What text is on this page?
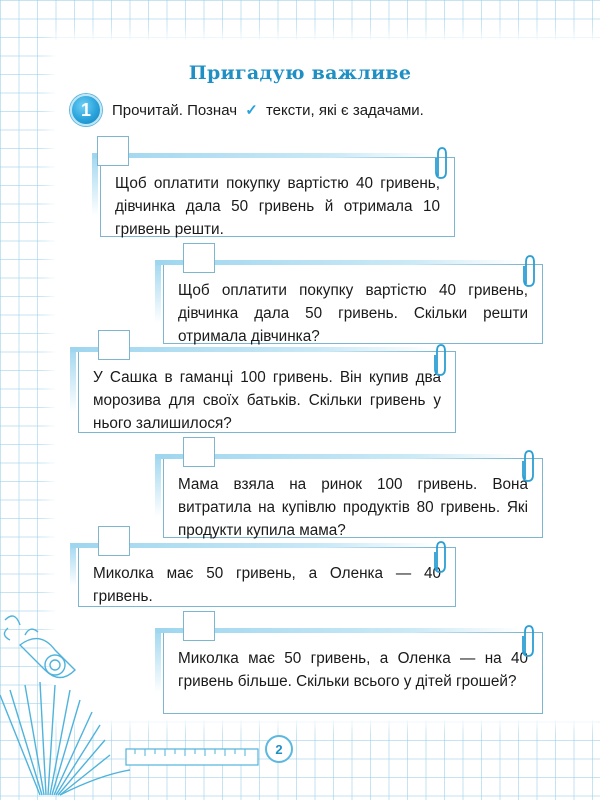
Пригадую важливе
1	Прочитай. Познач ✓ тексти, які є задачами.
Щоб оплатити покупку вартістю 40 гривень, дівчинка дала 50 гривень й отримала 10 гривень решти.
Щоб оплатити покупку вартістю 40 гривень, дівчинка дала 50 гривень. Скільки решти отримала дівчинка?
У Сашка в гаманці 100 гривень. Він купив два морозива для своїх батьків. Скільки гривень у нього залишилося?
Мама взяла на ринок 100 гривень. Вона витратила на купівлю продуктів 80 гривень. Які продукти купила мама?
Миколка має 50 гривень, а Оленка — 40 гривень.
Миколка має 50 гривень, а Оленка — на 40 гривень більше. Скільки всього у дітей грошей?
2
